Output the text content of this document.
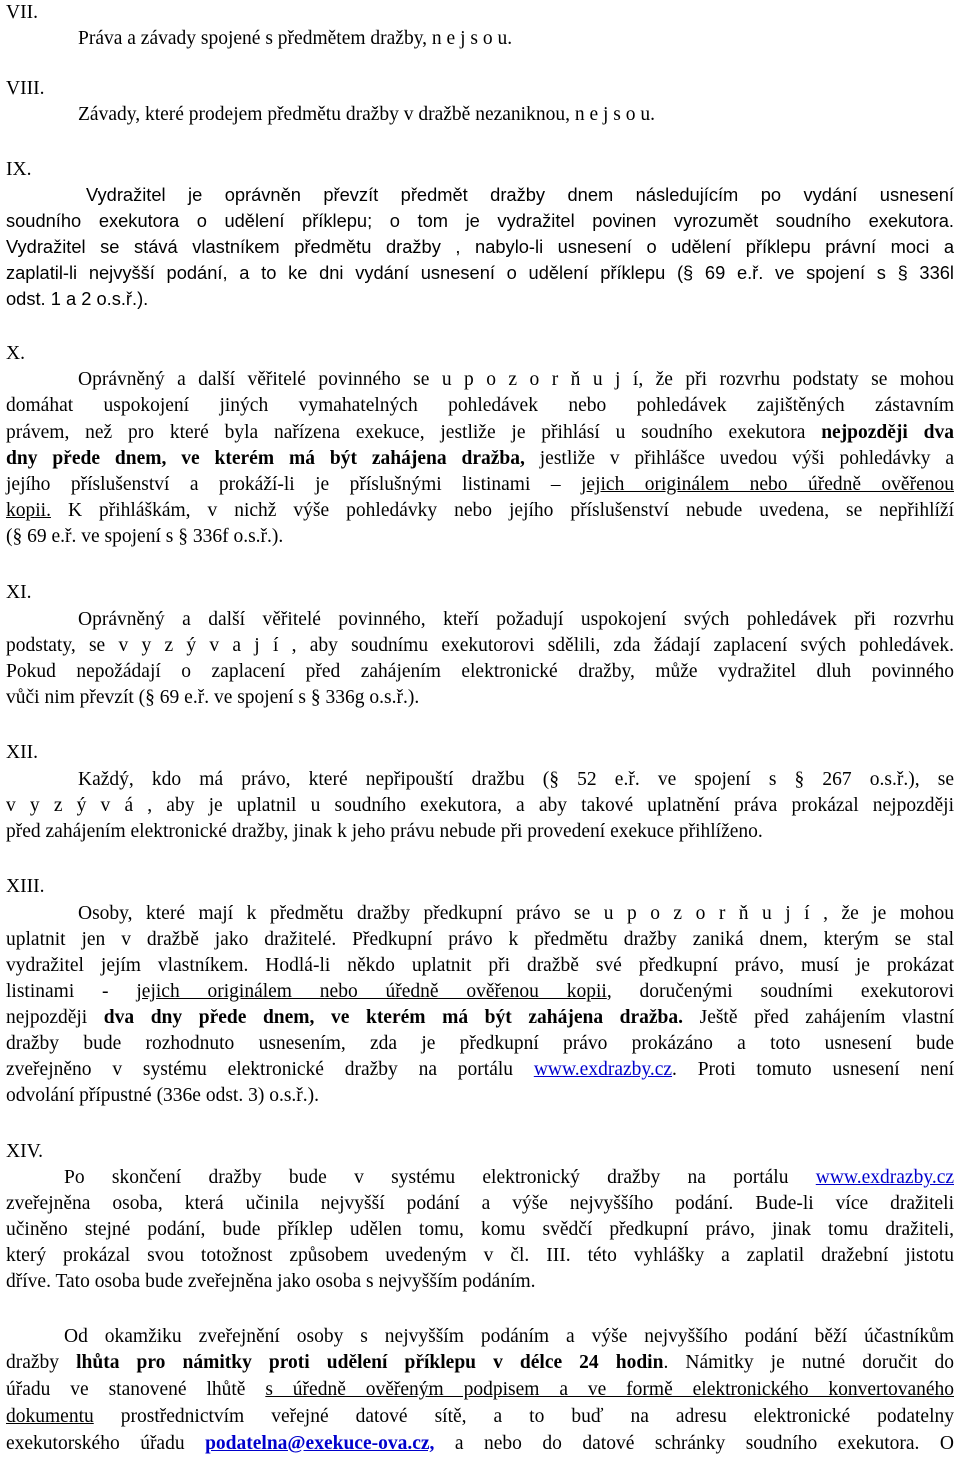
VII.
Práva a závady spojené s předmětem dražby, n e j s o u.
VIII.
Závady, které prodejem předmětu dražby v dražbě nezaniknou, n e j s o u.
IX.
Vydražitel je oprávněn převzít předmět dražby dnem následujícím po vydání usnesení
soudního exekutora o udělení příklepu; o tom je vydražitel povinen vyrozumět soudního exekutora.
Vydražitel se stává vlastníkem předmětu dražby , nabylo-li usnesení o udělení příklepu právní moci a
zaplatil-li nejvyšší podání, a to ke dni vydání usnesení o udělení příklepu (§ 69 e.ř. ve spojení s § 336l
odst. 1 a 2 o.s.ř.).
X.
Oprávněný a další věřitelé povinného se u p o z o r ň u j í, že při rozvrhu podstaty se mohou
domáhat uspokojení jiných vymahatelných pohledávek nebo pohledávek zajištěných zástavním
právem, než pro které byla nařízena exekuce, jestliže je přihlásí u soudního exekutora nejpozději dva
dny přede dnem, ve kterém má být zahájena dražba, jestliže v přihlášce uvedou výši pohledávky a
jejího příslušenství a prokáží-li je příslušnými listinami – jejich originálem nebo úředně ověřenou
kopii. K přihláškám, v nichž výše pohledávky nebo jejího příslušenství nebude uvedena, se nepřihlíží
(§ 69 e.ř. ve spojení s § 336f o.s.ř.).
XI.
Oprávněný a další věřitelé povinného, kteří požadují uspokojení svých pohledávek při rozvrhu
podstaty, se v y z ý v a j í , aby soudnímu exekutorovi sdělili, zda žádají zaplacení svých pohledávek.
Pokud nepožádají o zaplacení před zahájením elektronické dražby, může vydražitel dluh povinného
vůči nim převzít (§ 69 e.ř. ve spojení s § 336g o.s.ř.).
XII.
Každý, kdo má právo, které nepřipouští dražbu (§ 52 e.ř. ve spojení s § 267 o.s.ř.), se
v y z ý v á , aby je uplatnil u soudního exekutora, a aby takové uplatnění práva prokázal nejpozději
před zahájením elektronické dražby, jinak k jeho právu nebude při provedení exekuce přihlíženo.
XIII.
Osoby, které mají k předmětu dražby předkupní právo se u p o z o r ň u j í , že je mohou
uplatnit jen v dražbě jako dražitelé. Předkupní právo k předmětu dražby zaniká dnem, kterým se stal
vydražitel jejím vlastníkem. Hodlá-li někdo uplatnit při dražbě své předkupní právo, musí je prokázat
listinami - jejich originálem nebo úředně ověřenou kopii, doručenými soudními exekutorovi
nejpozději dva dny přede dnem, ve kterém má být zahájena dražba. Ještě před zahájením vlastní
dražby bude rozhodnuto usnesením, zda je předkupní právo prokázáno a toto usnesení bude
zveřejněno v systému elektronické dražby na portálu www.exdrazby.cz. Proti tomuto usnesení není
odvolání přípustné (336e odst. 3) o.s.ř.).
XIV.
Po skončení dražby bude v systému elektronický dražby na portálu www.exdrazby.cz
zveřejněna osoba, která učinila nejvyšší podání a výše nejvyššího podání. Bude-li více dražiteli
učiněno stejné podání, bude příklep udělen tomu, komu svědčí předkupní právo, jinak tomu dražiteli,
který prokázal svou totožnost způsobem uvedeným v čl. III. této vyhlášky a zaplatil dražební jistotu
dříve. Tato osoba bude zveřejněna jako osoba s nejvyšším podáním.
Od okamžiku zveřejnění osoby s nejvyšším podáním a výše nejvyššího podání běží účastníkům
dražby lhůta pro námitky proti udělení příklepu v délce 24 hodin. Námitky je nutné doručit do
úřadu ve stanovené lhůtě s úředně ověřeným podpisem a ve formě elektronického konvertovaného
dokumentu prostřednictvím veřejné datové sítě, a to buď na adresu elektronické podatelny
exekutorského úřadu podatelna@exekuce-ova.cz, a nebo do datové schránky soudního exekutora. O
